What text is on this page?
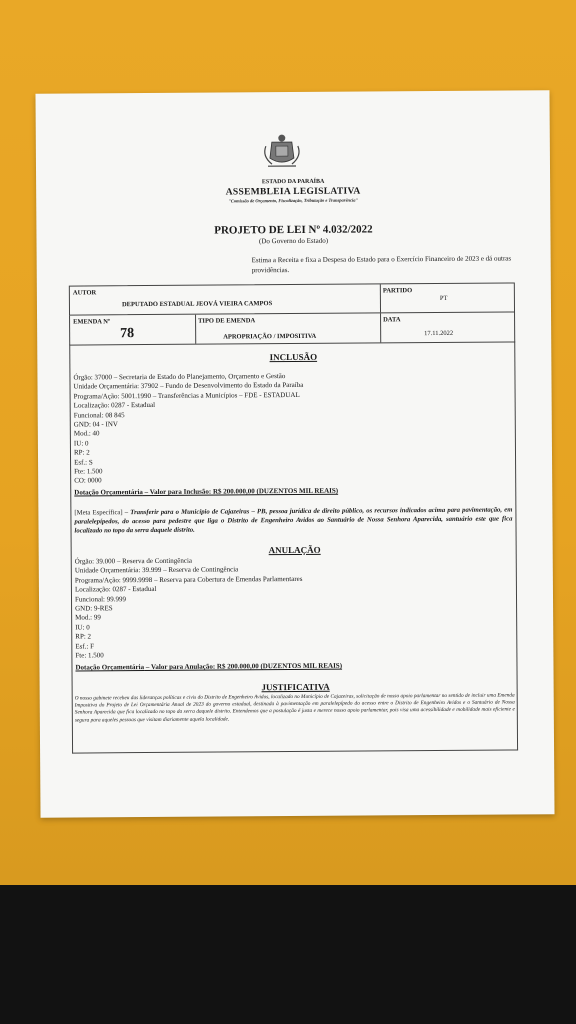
ESTADO DA PARAÍBA
ASSEMBLEIA LEGISLATIVA
"Comissão de Orçamento, Fiscalização, Tributação e Transparência"
PROJETO DE LEI Nº 4.032/2022
(Do Governo do Estado)
Estima a Receita e fixa a Despesa do Estado para o Exercício Financeiro de 2023 e dá outras providências.
AUTOR
DEPUTADO ESTADUAL JEOVÁ VIEIRA CAMPOS
PARTIDO
PT
EMENDA Nº
78
TIPO DE EMENDA
APROPRIAÇÃO / IMPOSITIVA
DATA
17.11.2022
INCLUSÃO
Órgão: 37000 – Secretaria de Estado do Planejamento, Orçamento e Gestão
Unidade Orçamentária: 37902 – Fundo de Desenvolvimento do Estado da Paraíba
Programa/Ação: 5001.1990 – Transferências a Municípios – FDE - ESTADUAL
Localização: 0287 - Estadual
Funcional: 08 845
GND: 04 - INV
Mod.: 40
IU: 0
RP: 2
Esf.: S
Fte: 1.500
CO: 0000
Dotação Orçamentária – Valor para Inclusão: R$ 200.000,00 (DUZENTOS MIL REAIS)
[Meta Específica] – Transferir para o Município de Cajazeiras – PB, pessoa jurídica de direito público, os recursos indicados acima para pavimentação, em paralelepípedos, do acesso para pedestre que liga o Distrito de Engenheiro Avidos ao Santuário de Nossa Senhora Aparecida, santuário este que fica localizado no topo da serra daquele distrito.
ANULAÇÃO
Órgão: 39.000 – Reserva de Contingência
Unidade Orçamentária: 39.999 – Reserva de Contingência
Programa/Ação: 9999.9998 – Reserva para Cobertura de Emendas Parlamentares
Localização: 0287 - Estadual
Funcional: 99.999
GND: 9-RES
Mod.: 99
IU: 0
RP: 2
Esf.: F
Fte: 1.500
Dotação Orçamentária – Valor para Anulação: R$ 200.000,00 (DUZENTOS MIL REAIS)
JUSTIFICATIVA
O nosso gabinete recebeu das lideranças políticas e civis do Distrito de Engenheiro Avidos, localizado no Município de Cajazeiras, solicitação de nosso apoio parlamentar no sentido de incluir uma Emenda Impositiva do Projeto de Lei Orçamentária Anual de 2023 do governo estadual, destinada à pavimentação em paralelepípedo do acesso entre o Distrito de Engenheiro Avidos e o Santuário de Nossa Senhora Aparecida que fica localizado no topo da serra daquele distrito. Entendemos que a postulação é justa e merece nosso apoio parlamentar, pois visa uma acessibilidade e mobilidade mais eficiente e segura para aqueles pessoas que visitam diariamente aquela localidade.
